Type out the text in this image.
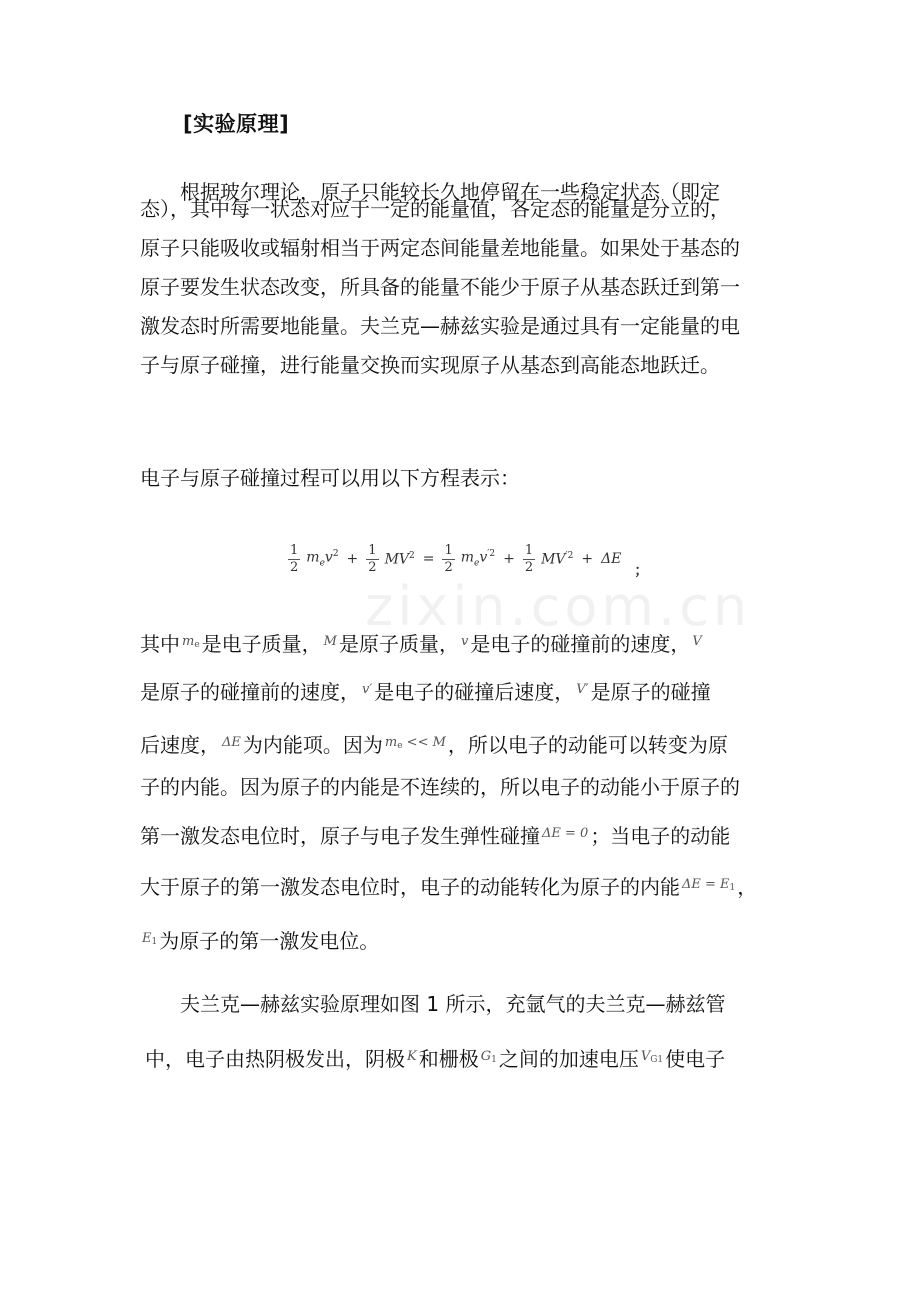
[实验原理]
　　根据玻尔理论，原子只能较长久地停留在一些稳定状态（即定
态），其中每一状态对应于一定的能量值，各定态的能量是分立的，
原子只能吸收或辐射相当于两定态间能量差地能量。如果处于基态的
原子要发生状态改变，所具备的能量不能少于原子从基态跃迁到第一
激发态时所需要地能量。夫兰克—赫兹实验是通过具有一定能量的电
子与原子碰撞，进行能量交换而实现原子从基态到高能态地跃迁。
电子与原子碰撞过程可以用以下方程表示：
$\frac{1}{2} m_ev^2 + \frac{1}{2} MV^2 = \frac{1}{2} m_ev^{'2} + \frac{1}{2} MV^{'2} + \Delta E$
；
zixin.com.cn
其中 $^{m_e}$ 是电子质量， $^M$ 是原子质量， $^v$ 是电子的碰撞前的速度， $^V$
是原子的碰撞前的速度， $^{v'}$ 是电子的碰撞后速度， $^{V'}$ 是原子的碰撞
后速度， $^{\Delta E}$ 为内能项。因为 $^{m_e << M}$ ，所以电子的动能可以转变为原
子的内能。因为原子的内能是不连续的，所以电子的动能小于原子的
第一激发态电位时，原子与电子发生弹性碰撞 $^{\Delta E = 0}$ ；当电子的动能
大于原子的第一激发态电位时，电子的动能转化为原子的内能 $^{\Delta E = E_1}$ ，
$^{E_1}$ 为原子的第一激发电位。
　　夫兰克—赫兹实验原理如图 1 所示，充氩气的夫兰克—赫兹管
中，电子由热阴极发出，阴极 $^K$ 和栅极 $^{G_1}$ 之间的加速电压 $^{V_{G1}}$ 使电子
